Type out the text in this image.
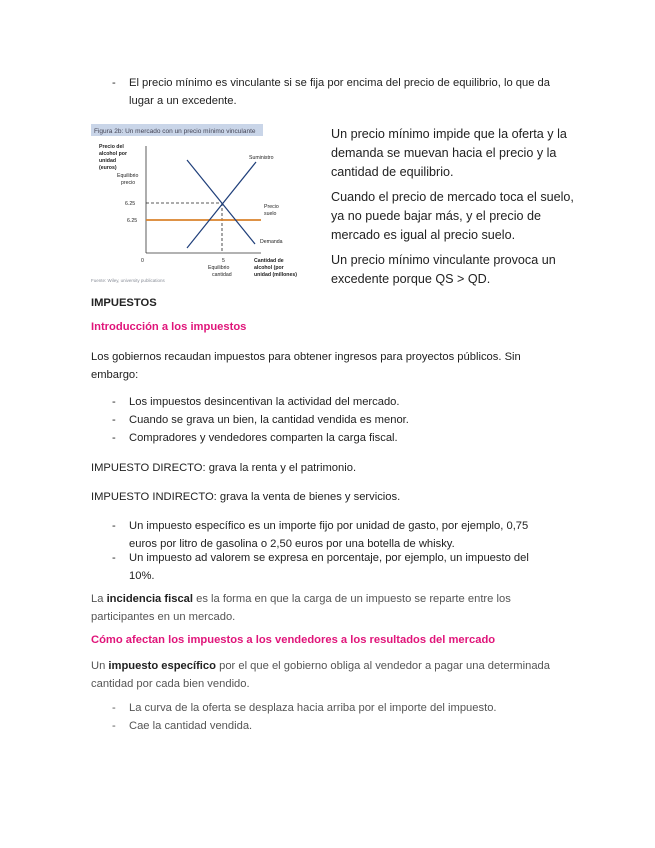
- El precio mínimo es vinculante si se fija por encima del precio de equilibrio, lo que da lugar a un excedente.
Figura 2b: Un mercado con un precio mínimo vinculante
Precio del alcohol por unidad (euros)
Equilibrio precio
6.25
6.25
0	5
Suministro
Demanda
Precio suelo
Equilibrio cantidad
Cantidad de alcohol (por unidad (millones)
Fuente: Wiley, university publications
Un precio mínimo impide que la oferta y la demanda se muevan hacia el precio y la cantidad de equilibrio.
Cuando el precio de mercado toca el suelo, ya no puede bajar más, y el precio de mercado es igual al precio suelo.
Un precio mínimo vinculante provoca un excedente porque QS > QD.
IMPUESTOS
Introducción a los impuestos
Los gobiernos recaudan impuestos para obtener ingresos para proyectos públicos. Sin embargo:
- Los impuestos desincentivan la actividad del mercado.
- Cuando se grava un bien, la cantidad vendida es menor.
- Compradores y vendedores comparten la carga fiscal.
IMPUESTO DIRECTO: grava la renta y el patrimonio.
IMPUESTO INDIRECTO: grava la venta de bienes y servicios.
- Un impuesto específico es un importe fijo por unidad de gasto, por ejemplo, 0,75 euros por litro de gasolina o 2,50 euros por una botella de whisky.
- Un impuesto ad valorem se expresa en porcentaje, por ejemplo, un impuesto del 10%.
La incidencia fiscal es la forma en que la carga de un impuesto se reparte entre los participantes en un mercado.
Cómo afectan los impuestos a los vendedores a los resultados del mercado
Un impuesto específico por el que el gobierno obliga al vendedor a pagar una determinada cantidad por cada bien vendido.
- La curva de la oferta se desplaza hacia arriba por el importe del impuesto.
- Cae la cantidad vendida.
